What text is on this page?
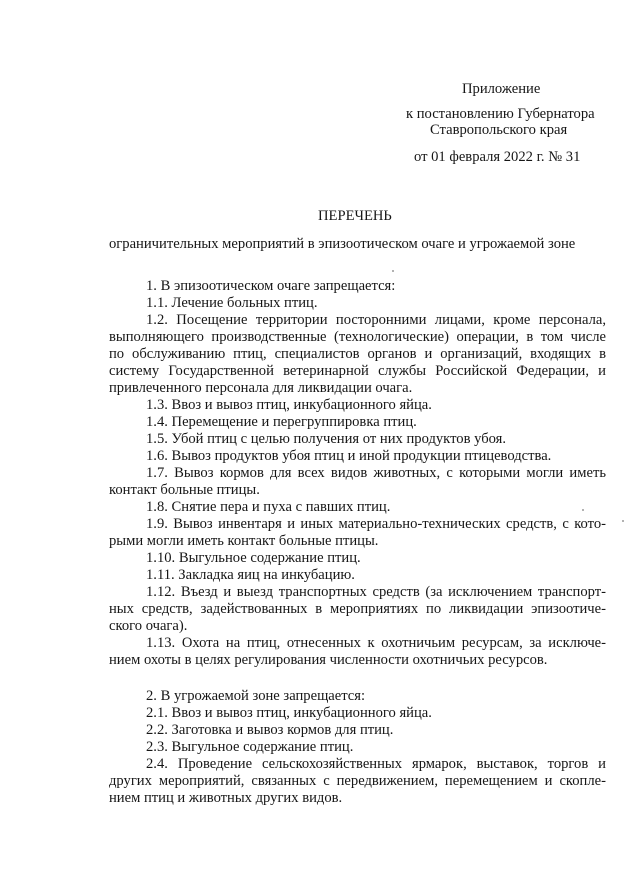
Приложение
к постановлению Губернатора
Ставропольского края
от 01 февраля 2022 г. № 31
ПЕРЕЧЕНЬ
ограничительных мероприятий в эпизоотическом очаге и угрожаемой зоне
1. В эпизоотическом очаге запрещается:
1.1. Лечение больных птиц.
1.2. Посещение территории посторонними лицами, кроме персонала,
выполняющего производственные (технологические) операции, в том числе
по обслуживанию птиц, специалистов органов и организаций, входящих в
систему Государственной ветеринарной службы Российской Федерации, и
привлеченного персонала для ликвидации очага.
1.3. Ввоз и вывоз птиц, инкубационного яйца.
1.4. Перемещение и перегруппировка птиц.
1.5. Убой птиц с целью получения от них продуктов убоя.
1.6. Вывоз продуктов убоя птиц и иной продукции птицеводства.
1.7. Вывоз кормов для всех видов животных, с которыми могли иметь
контакт больные птицы.
1.8. Снятие пера и пуха с павших птиц.
1.9. Вывоз инвентаря и иных материально-технических средств, с кото-
рыми могли иметь контакт больные птицы.
1.10. Выгульное содержание птиц.
1.11. Закладка яиц на инкубацию.
1.12. Въезд и выезд транспортных средств (за исключением транспорт-
ных средств, задействованных в мероприятиях по ликвидации эпизоотиче-
ского очага).
1.13. Охота на птиц, отнесенных к охотничьим ресурсам, за исключе-
нием охоты в целях регулирования численности охотничьих ресурсов.
2. В угрожаемой зоне запрещается:
2.1. Ввоз и вывоз птиц, инкубационного яйца.
2.2. Заготовка и вывоз кормов для птиц.
2.3. Выгульное содержание птиц.
2.4. Проведение сельскохозяйственных ярмарок, выставок, торгов и
других мероприятий, связанных с передвижением, перемещением и скопле-
нием птиц и животных других видов.
